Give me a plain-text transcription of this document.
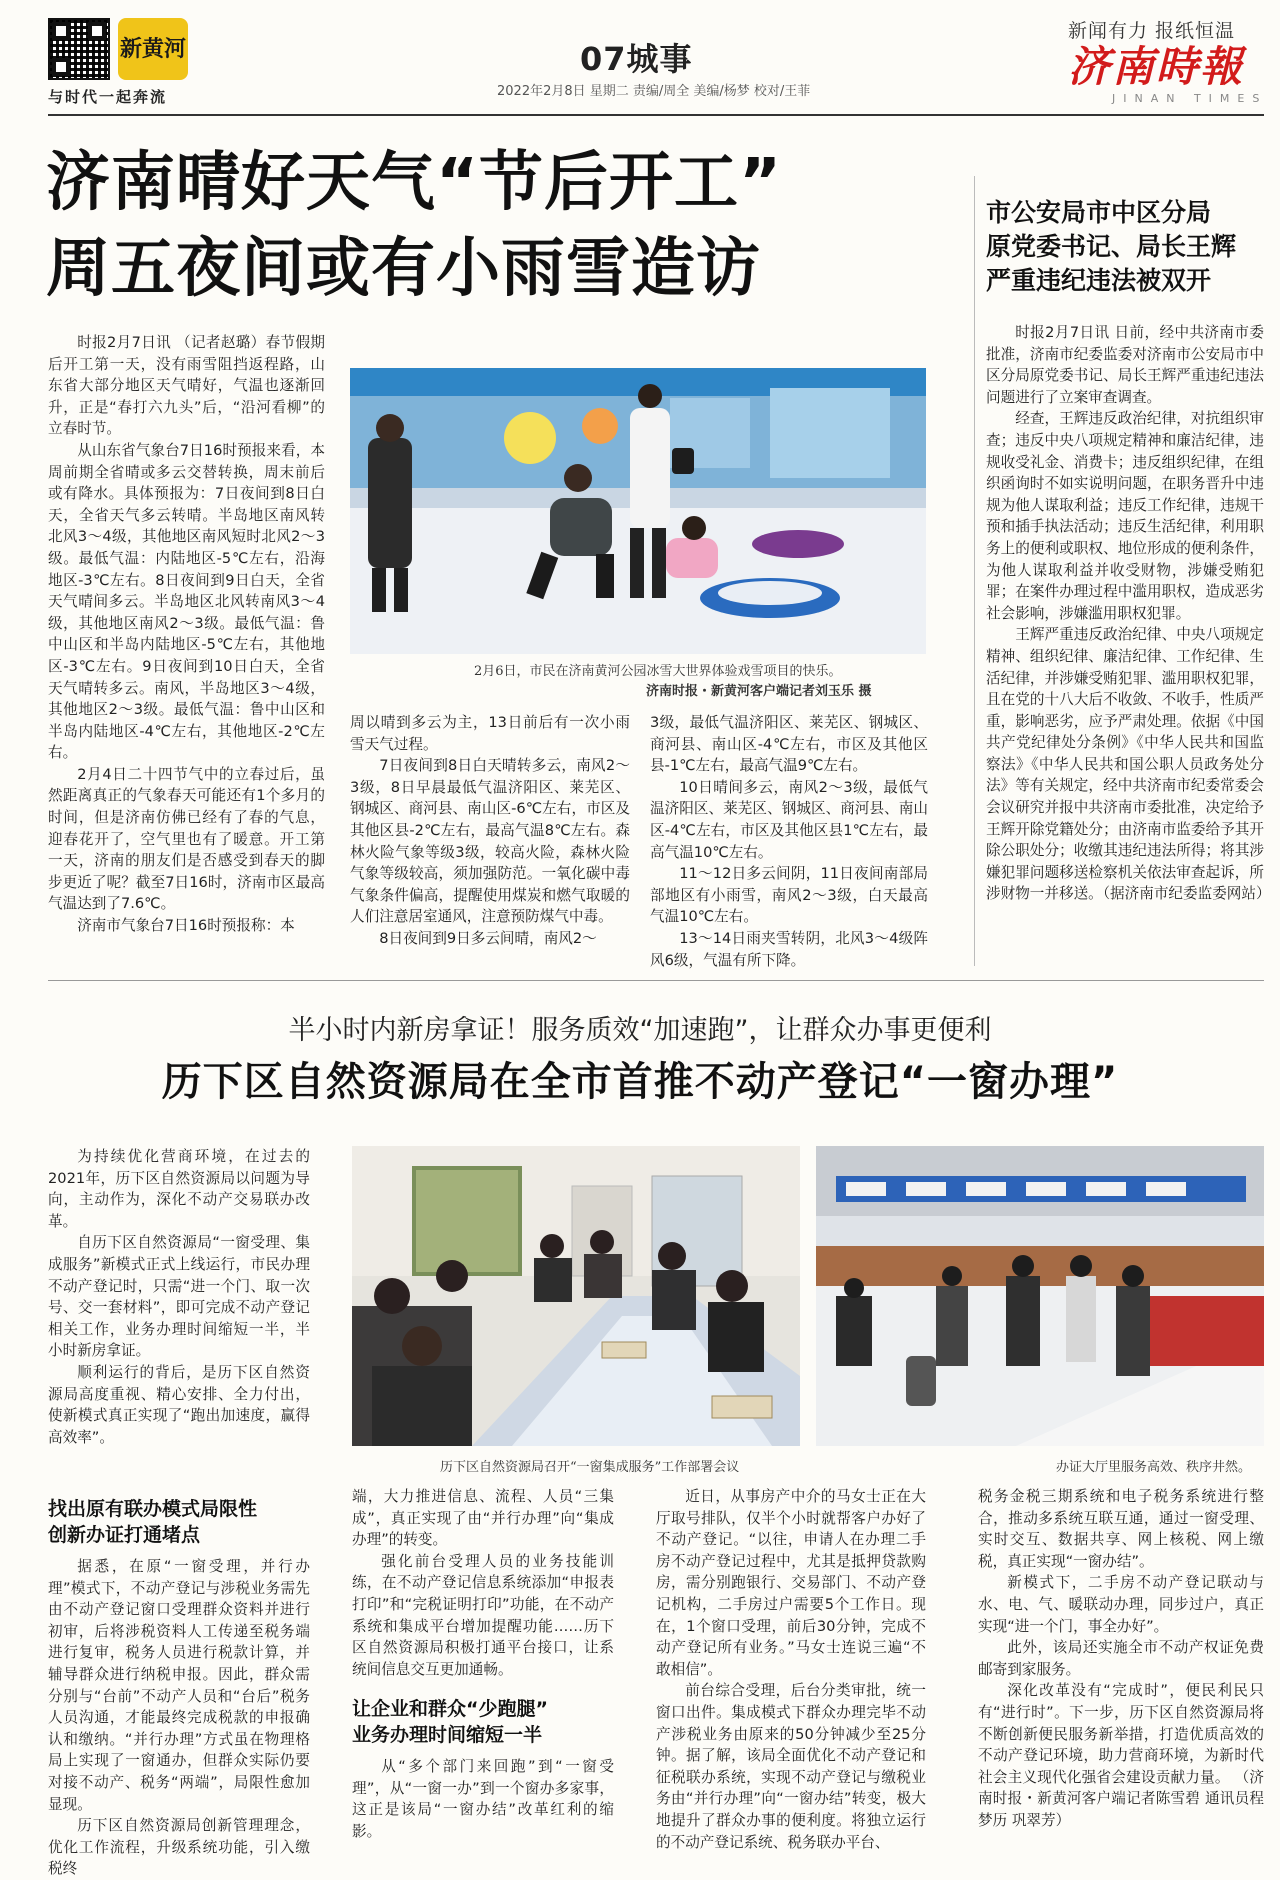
新黄河
与时代一起奔流
07城事
2022年2月8日 星期二 责编/周全 美编/杨梦 校对/王菲
新闻有力 报纸恒温
济南時報
JINAN TIMES
济南晴好天气“节后开工”
周五夜间或有小雨雪造访

时报2月7日讯 （记者赵璐）春节假期后开工第一天，没有雨雪阻挡返程路，山东省大部分地区天气晴好，气温也逐渐回升，正是“春打六九头”后，“沿河看柳”的立春时节。

从山东省气象台7日16时预报来看，本周前期全省晴或多云交替转换，周末前后或有降水。具体预报为：7日夜间到8日白天，全省天气多云转晴。半岛地区南风转北风3～4级，其他地区南风短时北风2～3级。最低气温：内陆地区-5℃左右，沿海地区-3℃左右。8日夜间到9日白天，全省天气晴间多云。半岛地区北风转南风3～4级，其他地区南风2～3级。最低气温：鲁中山区和半岛内陆地区-5℃左右，其他地区-3℃左右。9日夜间到10日白天，全省天气晴转多云。南风，半岛地区3～4级，其他地区2～3级。最低气温：鲁中山区和半岛内陆地区-4℃左右，其他地区-2℃左右。

2月4日二十四节气中的立春过后，虽然距离真正的气象春天可能还有1个多月的时间，但是济南仿佛已经有了春的气息，迎春花开了，空气里也有了暖意。开工第一天，济南的朋友们是否感受到春天的脚步更近了呢？截至7日16时，济南市区最高气温达到了7.6℃。

济南市气象台7日16时预报称：本

2月6日，市民在济南黄河公园冰雪大世界体验戏雪项目的快乐。
济南时报・新黄河客户端记者刘玉乐 摄

周以晴到多云为主，13日前后有一次小雨雪天气过程。

7日夜间到8日白天晴转多云，南风2～3级，8日早晨最低气温济阳区、莱芜区、钢城区、商河县、南山区-6℃左右，市区及其他区县-2℃左右，最高气温8℃左右。森林火险气象等级3级，较高火险，森林火险气象等级较高，须加强防范。一氧化碳中毒气象条件偏高，提醒使用煤炭和燃气取暖的人们注意居室通风，注意预防煤气中毒。

8日夜间到9日多云间晴，南风2～

3级，最低气温济阳区、莱芜区、钢城区、商河县、南山区-4℃左右，市区及其他区县-1℃左右，最高气温9℃左右。

10日晴间多云，南风2～3级，最低气温济阳区、莱芜区、钢城区、商河县、南山区-4℃左右，市区及其他区县1℃左右，最高气温10℃左右。

11～12日多云间阴，11日夜间南部局部地区有小雨雪，南风2～3级，白天最高气温10℃左右。

13～14日雨夹雪转阴，北风3～4级阵风6级，气温有所下降。

市公安局市中区分局
原党委书记、局长王辉
严重违纪违法被双开

时报2月7日讯 日前，经中共济南市委批准，济南市纪委监委对济南市公安局市中区分局原党委书记、局长王辉严重违纪违法问题进行了立案审查调查。

经查，王辉违反政治纪律，对抗组织审查；违反中央八项规定精神和廉洁纪律，违规收受礼金、消费卡；违反组织纪律，在组织函询时不如实说明问题，在职务晋升中违规为他人谋取利益；违反工作纪律，违规干预和插手执法活动；违反生活纪律，利用职务上的便利或职权、地位形成的便利条件，为他人谋取利益并收受财物，涉嫌受贿犯罪；在案件办理过程中滥用职权，造成恶劣社会影响，涉嫌滥用职权犯罪。

王辉严重违反政治纪律、中央八项规定精神、组织纪律、廉洁纪律、工作纪律、生活纪律，并涉嫌受贿犯罪、滥用职权犯罪，且在党的十八大后不收敛、不收手，性质严重，影响恶劣，应予严肃处理。依据《中国共产党纪律处分条例》《中华人民共和国监察法》《中华人民共和国公职人员政务处分法》等有关规定，经中共济南市纪委常委会会议研究并报中共济南市委批准，决定给予王辉开除党籍处分；由济南市监委给予其开除公职处分；收缴其违纪违法所得；将其涉嫌犯罪问题移送检察机关依法审查起诉，所涉财物一并移送。（据济南市纪委监委网站）

半小时内新房拿证！服务质效“加速跑”，让群众办事更便利
历下区自然资源局在全市首推不动产登记“一窗办理”

为持续优化营商环境，在过去的2021年，历下区自然资源局以问题为导向，主动作为，深化不动产交易联办改革。

自历下区自然资源局“一窗受理、集成服务”新模式正式上线运行，市民办理不动产登记时，只需“进一个门、取一次号、交一套材料”，即可完成不动产登记相关工作，业务办理时间缩短一半，半小时新房拿证。

顺利运行的背后，是历下区自然资源局高度重视、精心安排、全力付出，使新模式真正实现了“跑出加速度，赢得高效率”。

历下区自然资源局召开“一窗集成服务”工作部署会议	办证大厅里服务高效、秩序井然。
找出原有联办模式局限性
创新办证打通堵点

据悉，在原“一窗受理，并行办理”模式下，不动产登记与涉税业务需先由不动产登记窗口受理群众资料并进行初审，后将涉税资料人工传递至税务端进行复审，税务人员进行税款计算，并辅导群众进行纳税申报。因此，群众需分别与“台前”不动产人员和“台后”税务人员沟通，才能最终完成税款的申报确认和缴纳。“并行办理”方式虽在物理格局上实现了一窗通办，但群众实际仍要对接不动产、税务“两端”，局限性愈加显现。

历下区自然资源局创新管理理念，优化工作流程，升级系统功能，引入缴税终

端，大力推进信息、流程、人员“三集成”，真正实现了由“并行办理”向“集成办理”的转变。

强化前台受理人员的业务技能训练，在不动产登记信息系统添加“申报表打印”和“完税证明打印”功能，在不动产系统和集成平台增加提醒功能……历下区自然资源局积极打通平台接口，让系统间信息交互更加通畅。

让企业和群众“少跑腿”
业务办理时间缩短一半

从“多个部门来回跑”到“一窗受理”，从“一窗一办”到一个窗办多家事，这正是该局“一窗办结”改革红利的缩影。

近日，从事房产中介的马女士正在大厅取号排队，仅半个小时就帮客户办好了不动产登记。“以往，申请人在办理二手房不动产登记过程中，尤其是抵押贷款购房，需分别跑银行、交易部门、不动产登记机构，二手房过户需要5个工作日。现在，1个窗口受理，前后30分钟，完成不动产登记所有业务。”马女士连说三遍“不敢相信”。

前台综合受理，后台分类审批，统一窗口出件。集成模式下群众办理完毕不动产涉税业务由原来的50分钟减少至25分钟。据了解，该局全面优化不动产登记和征税联办系统，实现不动产登记与缴税业务由“并行办理”向“一窗办结”转变，极大地提升了群众办事的便利度。将独立运行的不动产登记系统、税务联办平台、

税务金税三期系统和电子税务系统进行整合，推动多系统互联互通，通过一窗受理、实时交互、数据共享、网上核税、网上缴税，真正实现“一窗办结”。

新模式下，二手房不动产登记联动与水、电、气、暖联动办理，同步过户，真正实现“进一个门，事全办好”。

此外，该局还实施全市不动产权证免费邮寄到家服务。

深化改革没有“完成时”，便民利民只有“进行时”。下一步，历下区自然资源局将不断创新便民服务新举措，打造优质高效的不动产登记环境，助力营商环境，为新时代社会主义现代化强省会建设贡献力量。 （济南时报・新黄河客户端记者陈雪碧 通讯员程梦历 巩翠芳）
